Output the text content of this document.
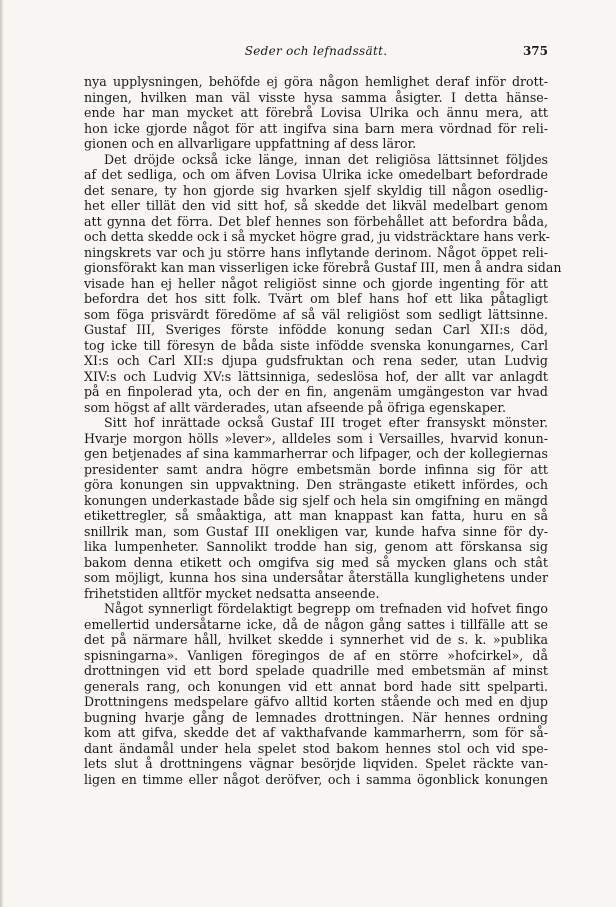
Seder och lefnadssätt.	375
nya upplysningen, behöfde ej göra någon hemlighet deraf inför drott-
ningen, hvilken man väl visste hysa samma åsigter. I detta hänse-
ende har man mycket att förebrå Lovisa Ulrika och ännu mera, att
hon icke gjorde något för att ingifva sina barn mera vördnad för reli-
gionen och en allvarligare uppfattning af dess läror.
Det dröjde också icke länge, innan det religiösa lättsinnet följdes
af det sedliga, och om äfven Lovisa Ulrika icke omedelbart befordrade
det senare, ty hon gjorde sig hvarken sjelf skyldig till någon osedlig-
het eller tillät den vid sitt hof, så skedde det likväl medelbart genom
att gynna det förra. Det blef hennes son förbehållet att befordra båda,
och detta skedde ock i så mycket högre grad, ju vidsträcktare hans verk-
ningskrets var och ju större hans inflytande derinom. Något öppet reli-
gionsförakt kan man visserligen icke förebrå Gustaf III, men å andra sidan
visade han ej heller något religiöst sinne och gjorde ingenting för att
befordra det hos sitt folk. Tvärt om blef hans hof ett lika påtagligt
som föga prisvärdt föredöme af så väl religiöst som sedligt lättsinne.
Gustaf III, Sveriges förste infödde konung sedan Carl XII:s död,
tog icke till föresyn de båda siste infödde svenska konungarnes, Carl
XI:s och Carl XII:s djupa gudsfruktan och rena seder, utan Ludvig
XIV:s och Ludvig XV:s lättsinniga, sedeslösa hof, der allt var anlagdt
på en finpolerad yta, och der en fin, angenäm umgängeston var hvad
som högst af allt värderades, utan afseende på öfriga egenskaper.
Sitt hof inrättade också Gustaf III troget efter fransyskt mönster.
Hvarje morgon hölls »lever», alldeles som i Versailles, hvarvid konun-
gen betjenades af sina kammarherrar och lifpager, och der kollegiernas
presidenter samt andra högre embetsmän borde infinna sig för att
göra konungen sin uppvaktning. Den strängaste etikett infördes, och
konungen underkastade både sig sjelf och hela sin omgifning en mängd
etikettregler, så småaktiga, att man knappast kan fatta, huru en så
snillrik man, som Gustaf III onekligen var, kunde hafva sinne för dy-
lika lumpenheter. Sannolikt trodde han sig, genom att förskansa sig
bakom denna etikett och omgifva sig med så mycken glans och stât
som möjligt, kunna hos sina undersåtar återställa kunglighetens under
frihetstiden alltför mycket nedsatta anseende.
Något synnerligt fördelaktigt begrepp om trefnaden vid hofvet fingo
emellertid undersåtarne icke, då de någon gång sattes i tillfälle att se
det på närmare håll, hvilket skedde i synnerhet vid de s. k. »publika
spisningarna». Vanligen föregingos de af en större »hofcirkel», då
drottningen vid ett bord spelade quadrille med embetsmän af minst
generals rang, och konungen vid ett annat bord hade sitt spelparti.
Drottningens medspelare gäfvo alltid korten stående och med en djup
bugning hvarje gång de lemnades drottningen. När hennes ordning
kom att gifva, skedde det af vakthafvande kammarherrn, som för så-
dant ändamål under hela spelet stod bakom hennes stol och vid spe-
lets slut å drottningens vägnar besörjde liqviden. Spelet räckte van-
ligen en timme eller något deröfver, och i samma ögonblick konungen
